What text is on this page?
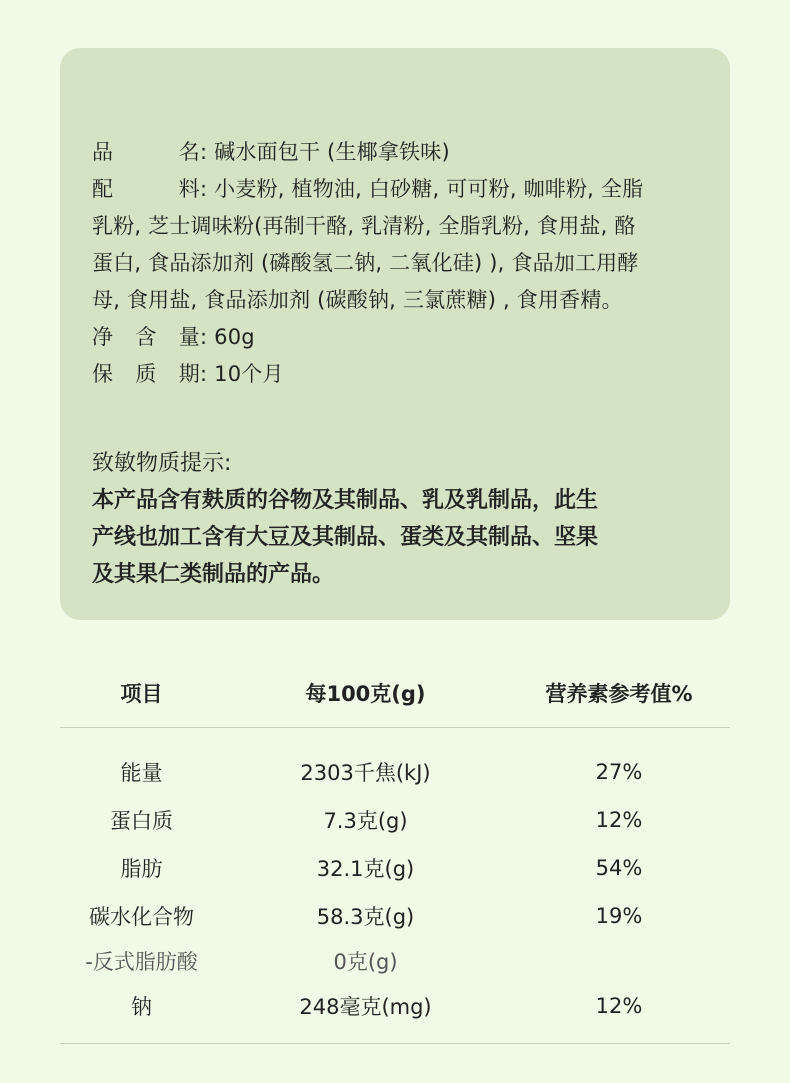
品	名 : 碱水面包干 (生椰拿铁味)

配	料 : 小麦粉, 植物油, 白砂糖, 可可粉, 咖啡粉, 全脂

乳粉, 芝士调味粉(再制干酪, 乳清粉, 全脂乳粉, 食用盐, 酪

蛋白, 食品添加剂 (磷酸氢二钠, 二氧化硅) ), 食品加工用酵

母, 食用盐, 食品添加剂 (碳酸钠, 三氯蔗糖) , 食用香精。

净 含 量 : 60g

保 质 期 : 10个月

致敏物质提示:

本产品含有麸质的谷物及其制品、乳及乳制品，此生

产线也加工含有大豆及其制品、蛋类及其制品、坚果

及其果仁类制品的产品。

项目	每100克(g)	营养素参考值%
能量	2303千焦(kJ)	27%
蛋白质	7.3克(g)	12%
脂肪	32.1克(g)	54%
碳水化合物	58.3克(g)	19%
-反式脂肪酸	0克(g)
钠	248毫克(mg)	12%
